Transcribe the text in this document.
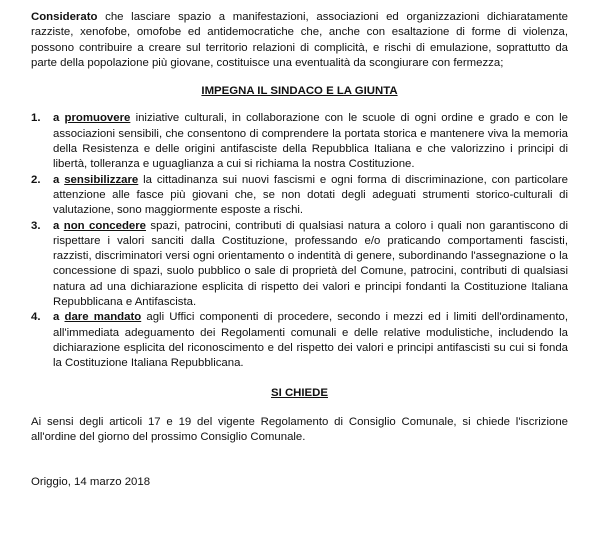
Considerato che lasciare spazio a manifestazioni, associazioni ed organizzazioni dichiaratamente razziste, xenofobe, omofobe ed antidemocratiche che, anche con esaltazione di forme di violenza, possono contribuire a creare sul territorio relazioni di complicità, e rischi di emulazione, soprattutto da parte della popolazione più giovane, costituisce una eventualità da scongiurare con fermezza;

IMPEGNA IL SINDACO E LA GIUNTA

1. a promuovere iniziative culturali, in collaborazione con le scuole di ogni ordine e grado e con le associazioni sensibili, che consentono di comprendere la portata storica e mantenere viva la memoria della Resistenza e delle origini antifasciste della Repubblica Italiana e che valorizzino i principi di libertà, tolleranza e uguaglianza a cui si richiama la nostra Costituzione.
2. a sensibilizzare la cittadinanza sui nuovi fascismi e ogni forma di discriminazione, con particolare attenzione alle fasce più giovani che, se non dotati degli adeguati strumenti storico-culturali di valutazione, sono maggiormente esposte a rischi.
3. a non concedere spazi, patrocini, contributi di qualsiasi natura a coloro i quali non garantiscono di rispettare i valori sanciti dalla Costituzione, professando e/o praticando comportamenti fascisti, razzisti, discriminatori versi ogni orientamento o indentità di genere, subordinando l'assegnazione o la concessione di spazi, suolo pubblico o sale di proprietà del Comune, patrocini, contributi di qualsiasi natura ad una dichiarazione esplicita di rispetto dei valori e principi fondanti la Costituzione Italiana Repubblicana e Antifascista.
4. a dare mandato agli Uffici componenti di procedere, secondo i mezzi ed i limiti dell'ordinamento, all'immediata adeguamento dei Regolamenti comunali e delle relative modulistiche, includendo la dichiarazione esplicita del riconoscimento e del rispetto dei valori e principi antifascisti su cui si fonda la Costituzione Italiana Repubblicana.

SI CHIEDE

Ai sensi degli articoli 17 e 19 del vigente Regolamento di Consiglio Comunale, si chiede l'iscrizione all'ordine del giorno del prossimo Consiglio Comunale.

Origgio, 14 marzo 2018
